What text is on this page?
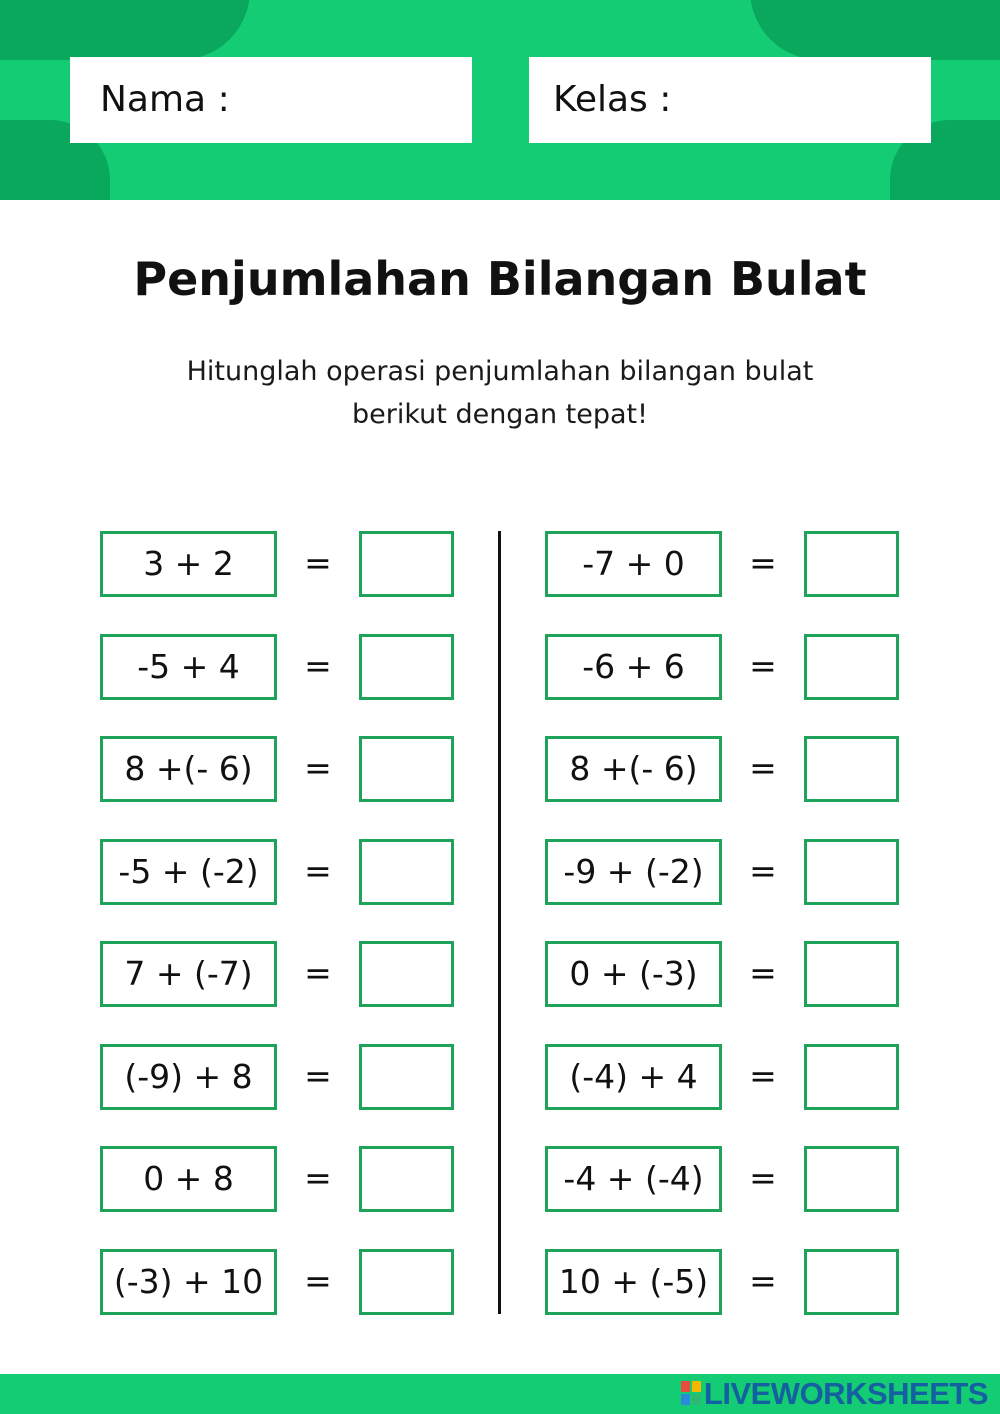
Nama :	Kelas :
Penjumlahan Bilangan Bulat

Hitunglah operasi penjumlahan bilangan bulat
berikut dengan tepat!

3 + 2	=
-5 + 4	=
8 +(- 6)	=
-5 + (-2)	=
7 + (-7)	=
(-9) + 8	=
0 + 8	=
(-3) + 10	=
-7 + 0	=
-6 + 6	=
8 +(- 6)	=
-9 + (-2)	=
0 + (-3)	=
(-4) + 4	=
-4 + (-4)	=
10 + (-5)	=
LIVEWORKSHEETS
